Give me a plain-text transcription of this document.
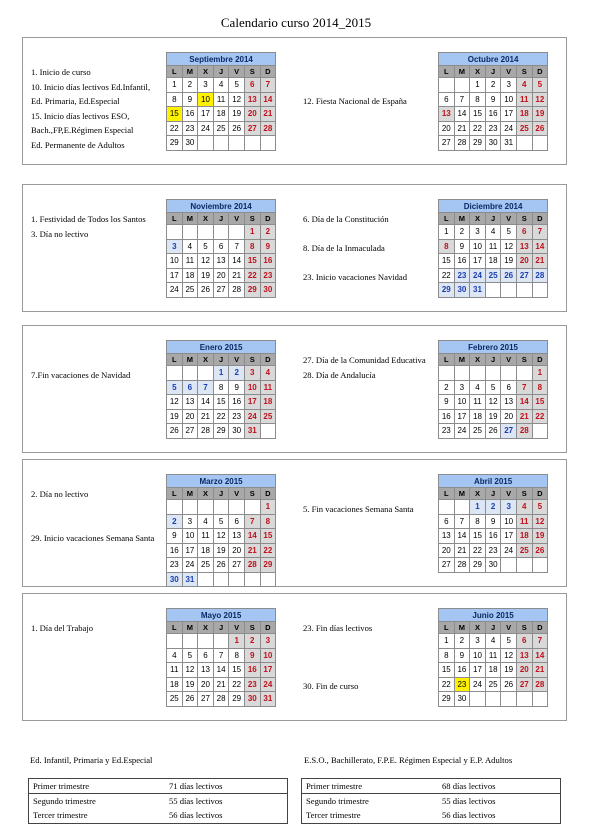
Calendario curso 2014_2015
1. Inicio de curso
10. Inicio días lectivos Ed.Infantil,
Ed. Primaria, Ed.Especial
15. Inicio días lectivos ESO,
Bach.,FP,E.Régimen Especial
Ed. Permanente de Adultos
Septiembre 2014						
L	M	X	J	V	S	D
1	2	3	4	5	6	7
8	9	10	11	12	13	14
15	16	17	18	19	20	21
22	23	24	25	26	27	28
29	30					
12. Fiesta Nacional de España
Octubre 2014						
L	M	X	J	V	S	D
		1	2	3	4	5
6	7	8	9	10	11	12
13	14	15	16	17	18	19
20	21	22	23	24	25	26
27	28	29	30	31		
1. Festividad de Todos los Santos
3. Día no lectivo
Noviembre 2014						
L	M	X	J	V	S	D
					1	2
3	4	5	6	7	8	9
10	11	12	13	14	15	16
17	18	19	20	21	22	23
24	25	26	27	28	29	30
6. Día de la Constitución
8. Día de la Inmaculada
23. Inicio vacaciones Navidad
Diciembre 2014						
L	M	X	J	V	S	D
1	2	3	4	5	6	7
8	9	10	11	12	13	14
15	16	17	18	19	20	21
22	23	24	25	26	27	28
29	30	31				
7.Fin vacaciones de Navidad
Enero 2015						
L	M	X	J	V	S	D
			1	2	3	4
5	6	7	8	9	10	11
12	13	14	15	16	17	18
19	20	21	22	23	24	25
26	27	28	29	30	31	
27. Día de la Comunidad Educativa
28. Día de Andalucía
Febrero 2015						
L	M	X	J	V	S	D
						1
2	3	4	5	6	7	8
9	10	11	12	13	14	15
16	17	18	19	20	21	22
23	24	25	26	27	28	
2. Día no lectivo
29. Inicio vacaciones Semana Santa
Marzo 2015						
L	M	X	J	V	S	D
						1
2	3	4	5	6	7	8
9	10	11	12	13	14	15
16	17	18	19	20	21	22
23	24	25	26	27	28	29
30	31					
5. Fin vacaciones Semana Santa
Abril 2015						
L	M	X	J	V	S	D
		1	2	3	4	5
6	7	8	9	10	11	12
13	14	15	16	17	18	19
20	21	22	23	24	25	26
27	28	29	30			
1. Día del Trabajo
Mayo 2015						
L	M	X	J	V	S	D
				1	2	3
4	5	6	7	8	9	10
11	12	13	14	15	16	17
18	19	20	21	22	23	24
25	26	27	28	29	30	31
23. Fin días lectivos
30. Fin de curso
Junio 2015						
L	M	X	J	V	S	D
1	2	3	4	5	6	7
8	9	10	11	12	13	14
15	16	17	18	19	20	21
22	23	24	25	26	27	28
29	30					
Ed. Infantil, Primaria y Ed.Especial	E.S.O., Bachillerato, F.P.E. Régimen Especial y E.P. Adultos
Primer trimestre	71 días lectivos
Segundo trimestre	55 días lectivos
Tercer trimestre	56 días lectivos
Primer trimestre	68 días lectivos
Segundo trimestre	55 días lectivos
Tercer trimestre	56 días lectivos
